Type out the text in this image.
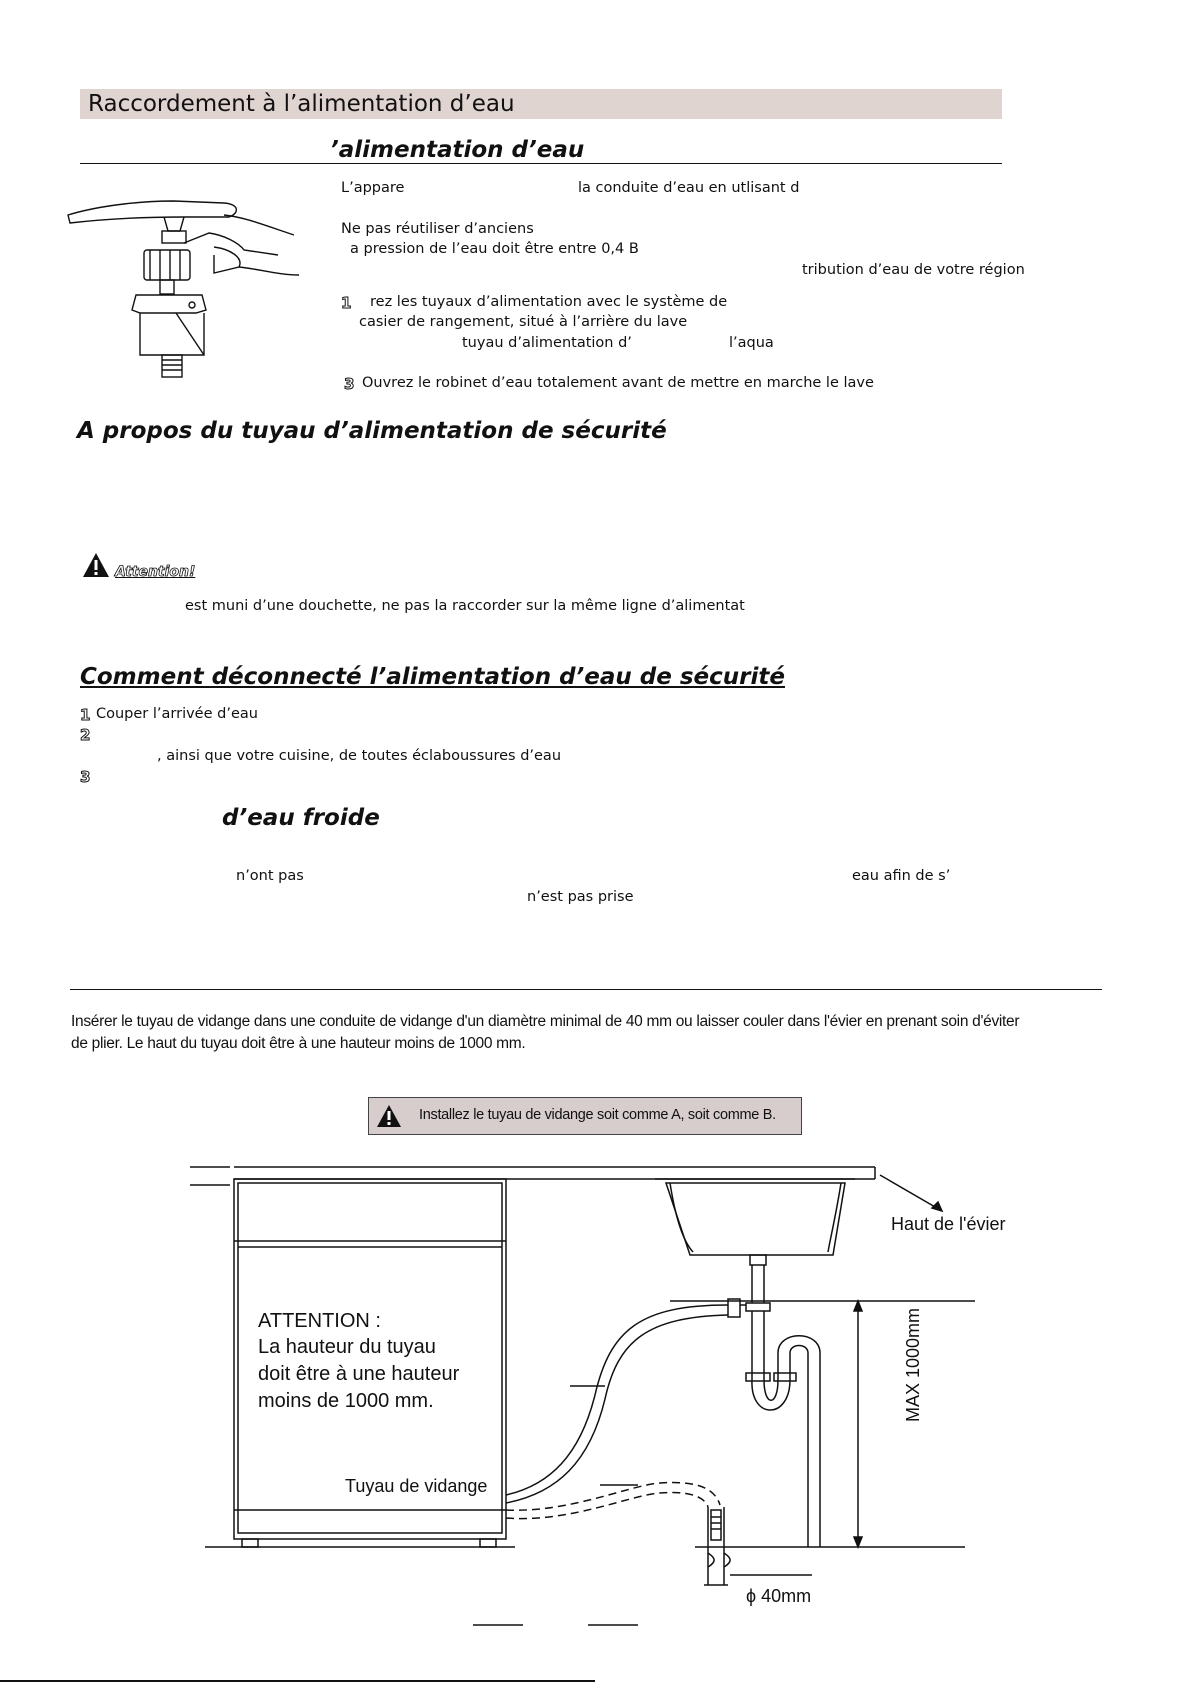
Raccordement à l’alimentation d’eau
’alimentation d’eau
L’appare	la conduite d’eau en utlisant d
Ne pas réutiliser d’anciens
a pression de l’eau doit être entre 0,4 B
tribution d’eau de votre région
1 rez les tuyaux d’alimentation avec le système de
casier de rangement, situé à l’arrière du lave
tuyau d’alimentation d’	l’aqua
3 Ouvrez le robinet d’eau totalement avant de mettre en marche le lave
A propos du tuyau d’alimentation de sécurité
Attention!
est muni d’une douchette, ne pas la raccorder sur la même ligne d’alimentat
Comment déconnecté l’alimentation d’eau de sécurité
1 Couper l’arrivée d’eau
2
, ainsi que votre cuisine, de toutes éclaboussures d’eau
3
d’eau froide
n’ont pas	eau afin de s’
n’est pas prise
Insérer le tuyau de vidange dans une conduite de vidange d'un diamètre minimal de 40 mm ou laisser couler dans l'évier en prenant soin d'éviter
de plier. Le haut du tuyau doit être à une hauteur moins de 1000 mm.
Installez le tuyau de vidange soit comme A, soit comme B.
Haut de l'évier
ATTENTION :
La hauteur du tuyau
doit être à une hauteur
moins de 1000 mm.
Tuyau de vidange
MAX 1000mm
ϕ 40mm
